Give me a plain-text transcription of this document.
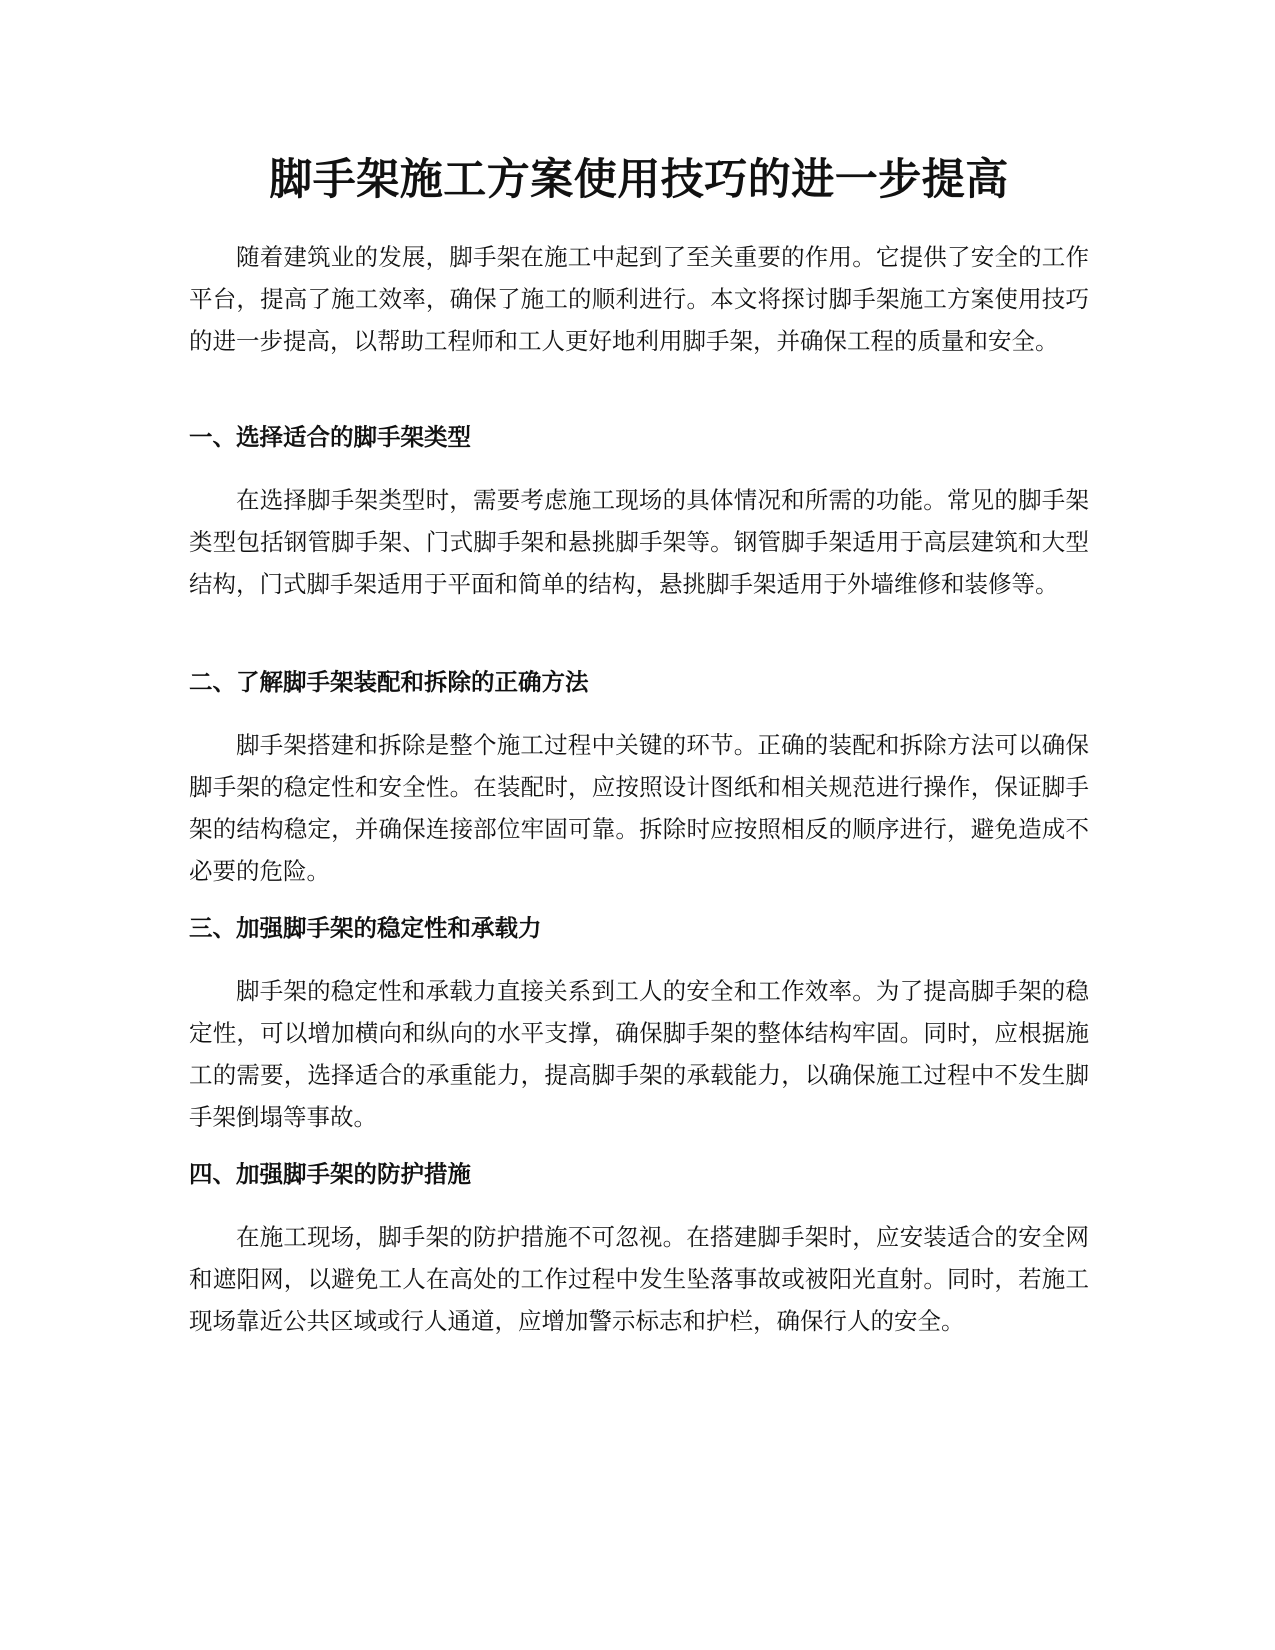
脚手架施工方案使用技巧的进一步提高

随着建筑业的发展，脚手架在施工中起到了至关重要的作用。它提供了安全的工作平台，提高了施工效率，确保了施工的顺利进行。本文将探讨脚手架施工方案使用技巧的进一步提高，以帮助工程师和工人更好地利用脚手架，并确保工程的质量和安全。

一、选择适合的脚手架类型

在选择脚手架类型时，需要考虑施工现场的具体情况和所需的功能。常见的脚手架类型包括钢管脚手架、门式脚手架和悬挑脚手架等。钢管脚手架适用于高层建筑和大型结构，门式脚手架适用于平面和简单的结构，悬挑脚手架适用于外墙维修和装修等。

二、了解脚手架装配和拆除的正确方法

脚手架搭建和拆除是整个施工过程中关键的环节。正确的装配和拆除方法可以确保脚手架的稳定性和安全性。在装配时，应按照设计图纸和相关规范进行操作，保证脚手架的结构稳定，并确保连接部位牢固可靠。拆除时应按照相反的顺序进行，避免造成不必要的危险。

三、加强脚手架的稳定性和承载力

脚手架的稳定性和承载力直接关系到工人的安全和工作效率。为了提高脚手架的稳定性，可以增加横向和纵向的水平支撑，确保脚手架的整体结构牢固。同时，应根据施工的需要，选择适合的承重能力，提高脚手架的承载能力，以确保施工过程中不发生脚手架倒塌等事故。

四、加强脚手架的防护措施

在施工现场，脚手架的防护措施不可忽视。在搭建脚手架时，应安装适合的安全网和遮阳网，以避免工人在高处的工作过程中发生坠落事故或被阳光直射。同时，若施工现场靠近公共区域或行人通道，应增加警示标志和护栏，确保行人的安全。
